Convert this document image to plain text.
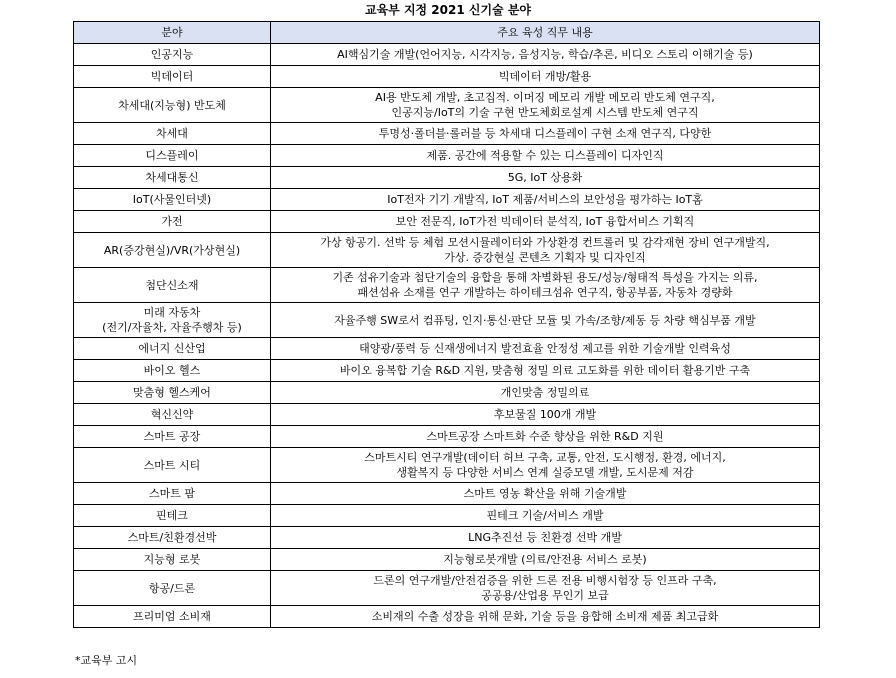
교육부 지정 2021 신기술 분야
분야	주요 육성 직무 내용
인공지능	AI핵심기술 개발(언어지능, 시각지능, 음성지능, 학습/추론, 비디오 스토리 이해기술 등)
빅데이터	빅데이터 개방/활용
차세대(지능형) 반도체	AI용 반도체 개발, 초고집적. 이머징 메모리 개발 메모리 반도체 연구직,
인공지능/IoT의 기술 구현 반도체회로설계 시스템 반도체 연구직
차세대	투명성·폴더블·롤러블 등 차세대 디스플레이 구현 소재 연구직, 다양한
디스플레이	제품. 공간에 적용할 수 있는 디스플레이 디자인직
차세대통신	5G, IoT 상용화
IoT(사물인터넷)	IoT전자 기기 개발직, IoT 제품/서비스의 보안성을 평가하는 IoT홈
가전	보안 전문직, IoT가전 빅데이터 분석직, IoT 융합서비스 기획직
AR(증강현실)/VR(가상현실)	가상 항공기. 선박 등 체험 모션시뮬레이터와 가상환경 컨트롤러 및 감각재현 장비 연구개발직,
가상. 증강현실 콘텐츠 기획자 및 디자인직
첨단신소재	기존 섬유기술과 첨단기술의 융합을 통해 차별화된 용도/성능/형태적 특성을 가지는 의류,
패션섬유 소재를 연구 개발하는 하이테크섬유 연구직, 항공부품, 자동차 경량화
미래 자동차
(전기/자율차, 자율주행차 등)	자율주행 SW로서 컴퓨팅, 인지·통신·판단 모듈 및 가속/조향/제동 등 차량 핵심부품 개발
에너지 신산업	태양광/풍력 등 신재생에너지 발전효율 안정성 제고를 위한 기술개발 인력육성
바이오 헬스	바이오 융복합 기술 R&D 지원, 맞춤형 정밀 의료 고도화를 위한 데이터 활용기반 구축
맞춤형 헬스케어	개인맞춤 정밀의료
혁신신약	후보물질 100개 개발
스마트 공장	스마트공장 스마트화 수준 향상을 위한 R&D 지원
스마트 시티	스마트시티 연구개발(데이터 허브 구축, 교통, 안전, 도시행정, 환경, 에너지,
생활복지 등 다양한 서비스 연계 실증모델 개발, 도시문제 저감
스마트 팜	스마트 영농 확산을 위해 기술개발
핀테크	핀테크 기술/서비스 개발
스마트/친환경선박	LNG추진선 등 친환경 선박 개발
지능형 로봇	지능형로봇개발 (의료/안전용 서비스 로봇)
항공/드론	드론의 연구개발/안전검증을 위한 드론 전용 비행시험장 등 인프라 구축,
공공용/산업용 무인기 보급
프리미엄 소비재	소비재의 수출 성장을 위해 문화, 기술 등을 융합해 소비재 제품 최고급화
*교육부 고시
